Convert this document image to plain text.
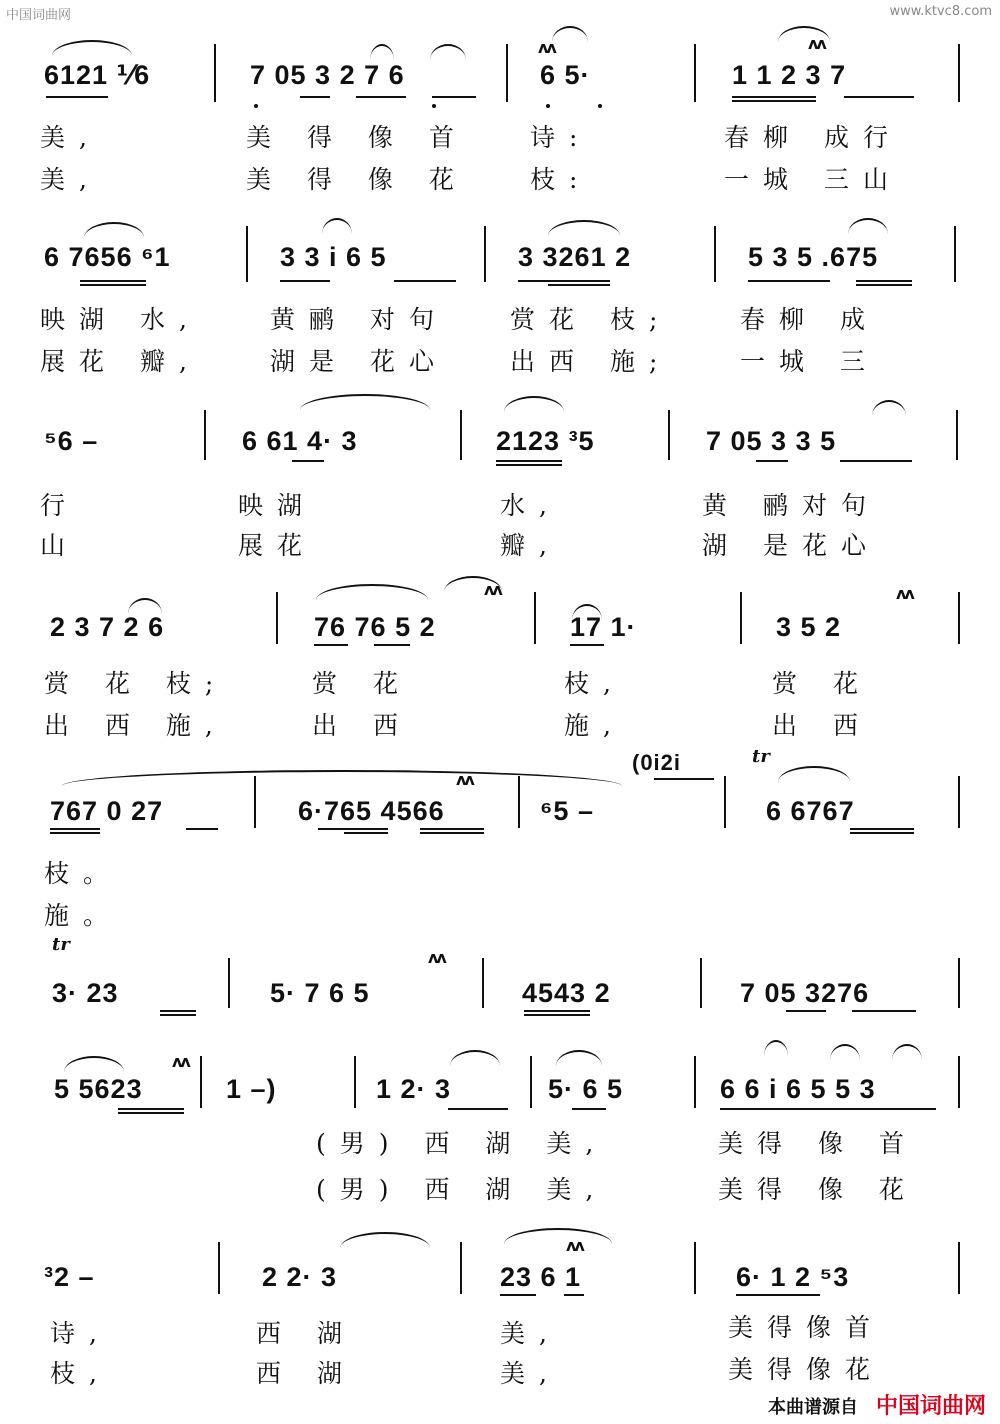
中国词曲网	www.ktvc8.com
ʌʌ	ʌʌ
6121 ⅟6	7 05 3 2 7 6	6 5·	1 1 2 3 7
美,	美 得 像 首 诗:	春柳 成行
美,	美 得 像 花 枝:	一城 三山
6 7656 ⁶1	3 3 i 6 5	3 3261 2	5 3 5 .675
映湖 水,	黄鹂 对句 赏花 枝;	春柳 成
展花 瓣,	湖是 花心 出西 施;	一城 三
⁵6 –	6 61 4· 3	2123 ³5	7 05 3 3 5
行	映湖	水,	黄 鹂对句
山	展花	瓣,	湖 是花心
ʌʌ	ʌʌ
2 3 7 2 6	76 76 5 2	17 1·	3 5 2
赏 花 枝;	赏 花	枝,	赏 花
出 西 施,	出 西	施,	出 西
ʌʌ
(0i2i	tr
767 0 27	6·765 4566	⁶5 –	6 6767
枝。
施。
tr
ʌʌ
3· 23	5· 7 6 5	4543 2	7 05 3276
ʌʌ
5 5623	1 –)	1 2· 3	5· 6 5	6 6 i 6 5 5 3
(男) 西 湖 美,	美得 像 首
(男) 西 湖 美,	美得 像 花
ʌʌ
³2 –	2 2· 3	23 6 1	6· 1 2 ⁵3
诗,	西 湖	美,	美得像首
枝,	西 湖	美,	美得像花
本曲谱源自 中国词曲网
